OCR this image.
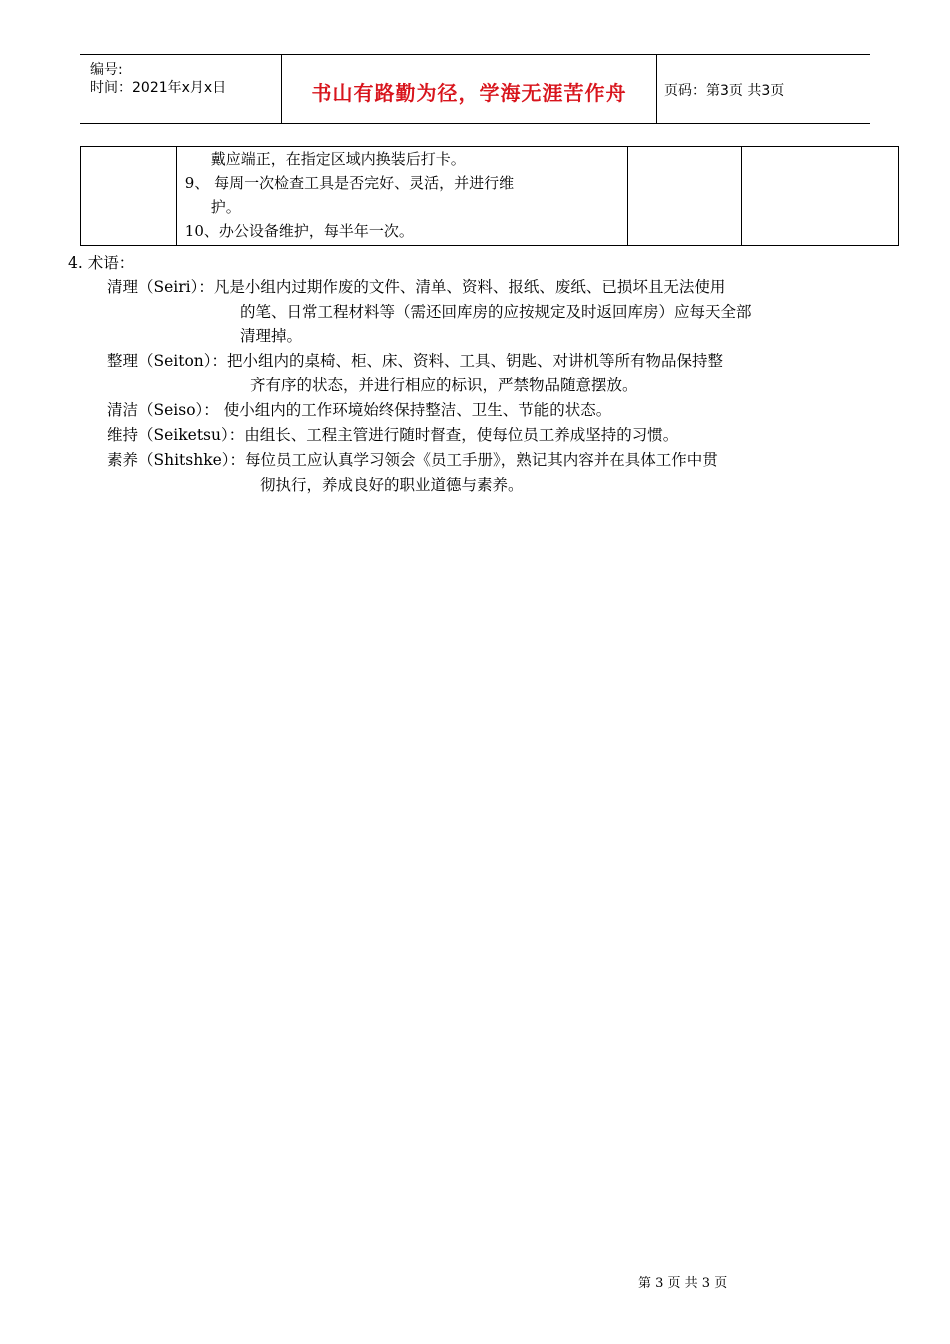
编号:
时间：2021年x月x日	书山有路勤为径，学海无涯苦作舟	页码：第3页 共3页

戴应端正，在指定区域内换装后打卡。
9、 每周一次检查工具是否完好、灵活，并进行维
护。
10、办公设备维护，每半年一次。

4. 术语：
清理（Seiri）：凡是小组内过期作废的文件、清单、资料、报纸、废纸、已损坏且无法使用
的笔、日常工程材料等（需还回库房的应按规定及时返回库房）应每天全部
清理掉。
整理（Seiton）：把小组内的桌椅、柜、床、资料、工具、钥匙、对讲机等所有物品保持整
齐有序的状态，并进行相应的标识，严禁物品随意摆放。
清洁（Seiso）： 使小组内的工作环境始终保持整洁、卫生、节能的状态。
维持（Seiketsu）：由组长、工程主管进行随时督查，使每位员工养成坚持的习惯。
素养（Shitshke）：每位员工应认真学习领会《员工手册》，熟记其内容并在具体工作中贯
彻执行，养成良好的职业道德与素养。
第 3 页 共 3 页
